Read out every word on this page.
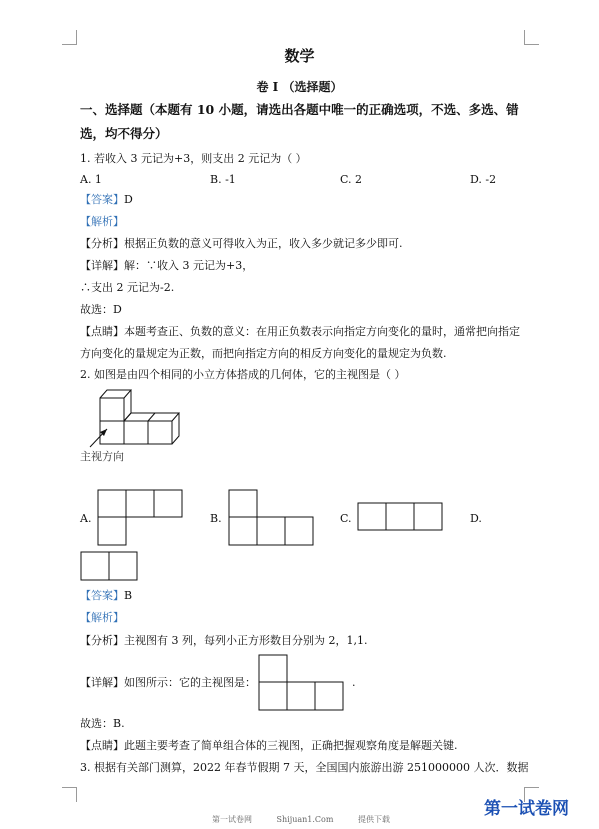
数学
卷 I （选择题）
一、选择题（本题有 10 小题，请选出各题中唯一的正确选项，不选、多选、错
选，均不得分）
1. 若收入 3 元记为+3，则支出 2 元记为（ ）
A. 1	B. -1	C. 2	D. -2
【答案】D
【解析】
【分析】根据正负数的意义可得收入为正，收入多少就记多少即可.
【详解】解：∵收入 3 元记为+3，
∴支出 2 元记为-2.
故选：D
【点睛】本题考查正、负数的意义：在用正负数表示向指定方向变化的量时，通常把向指定
方向变化的量规定为正数，而把向指定方向的相反方向变化的量规定为负数.
2. 如图是由四个相同的小立方体搭成的几何体，它的主视图是（ ）
主视方向
A.	B.	C.	D.
【答案】B
【解析】
【分析】主视图有 3 列，每列小正方形数目分别为 2，1,1.
【详解】如图所示：它的主视图是：	.
故选：B.
【点睛】此题主要考查了简单组合体的三视图，正确把握观察角度是解题关键.
3. 根据有关部门测算，2022 年春节假期 7 天，全国国内旅游出游 251000000 人次．数据
第一试卷网	Shijuan1.Com	提供下载
第一试卷网
